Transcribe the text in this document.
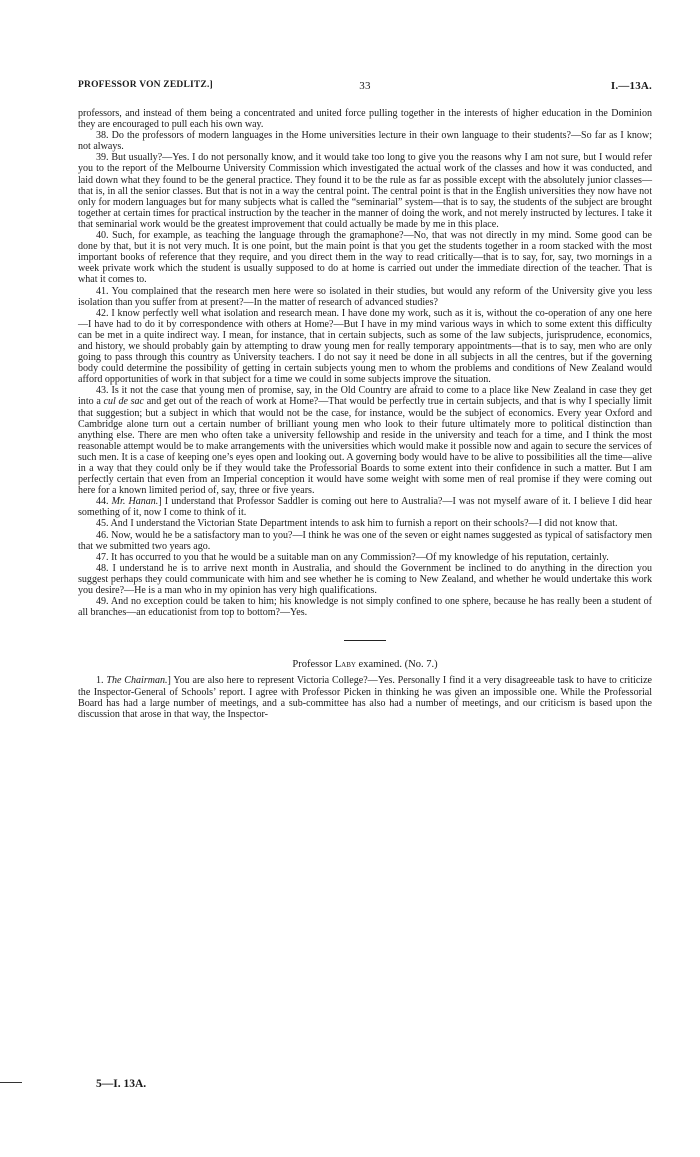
PROFESSOR VON ZEDLITZ.]	33	I.—13A.

professors, and instead of them being a concentrated and united force pulling together in the interests of higher education in the Dominion they are encouraged to pull each his own way.

38. Do the professors of modern languages in the Home universities lecture in their own language to their students?—So far as I know; not always.

39. But usually?—Yes. I do not personally know, and it would take too long to give you the reasons why I am not sure, but I would refer you to the report of the Melbourne University Commission which investigated the actual work of the classes and how it was conducted, and laid down what they found to be the general practice. They found it to be the rule as far as possible except with the absolutely junior classes—that is, in all the senior classes. But that is not in a way the central point. The central point is that in the English universities they now have not only for modern languages but for many subjects what is called the “seminarial” system—that is to say, the students of the subject are brought together at certain times for practical instruction by the teacher in the manner of doing the work, and not merely instructed by lectures. I take it that seminarial work would be the greatest improvement that could actually be made by me in this place.

40. Such, for example, as teaching the language through the gramaphone?—No, that was not directly in my mind. Some good can be done by that, but it is not very much. It is one point, but the main point is that you get the students together in a room stacked with the most important books of reference that they require, and you direct them in the way to read critically—that is to say, for, say, two mornings in a week private work which the student is usually supposed to do at home is carried out under the immediate direction of the teacher. That is what it comes to.

41. You complained that the research men here were so isolated in their studies, but would any reform of the University give you less isolation than you suffer from at present?—In the matter of research of advanced studies?

42. I know perfectly well what isolation and research mean. I have done my work, such as it is, without the co-operation of any one here—I have had to do it by correspondence with others at Home?—But I have in my mind various ways in which to some extent this difficulty can be met in a quite indirect way. I mean, for instance, that in certain subjects, such as some of the law subjects, jurisprudence, economics, and history, we should probably gain by attempting to draw young men for really temporary appointments—that is to say, men who are only going to pass through this country as University teachers. I do not say it need be done in all subjects in all the centres, but if the governing body could determine the possibility of getting in certain subjects young men to whom the problems and conditions of New Zealand would afford opportunities of work in that subject for a time we could in some subjects improve the situation.

43. Is it not the case that young men of promise, say, in the Old Country are afraid to come to a place like New Zealand in case they get into a cul de sac and get out of the reach of work at Home?—That would be perfectly true in certain subjects, and that is why I specially limit that suggestion; but a subject in which that would not be the case, for instance, would be the subject of economics. Every year Oxford and Cambridge alone turn out a certain number of brilliant young men who look to their future ultimately more to political distinction than anything else. There are men who often take a university fellowship and reside in the university and teach for a time, and I think the most reasonable attempt would be to make arrangements with the universities which would make it possible now and again to secure the services of such men. It is a case of keeping one’s eyes open and looking out. A governing body would have to be alive to possibilities all the time—alive in a way that they could only be if they would take the Professorial Boards to some extent into their confidence in such a matter. But I am perfectly certain that even from an Imperial conception it would have some weight with some men of real promise if they were coming out here for a known limited period of, say, three or five years.

44. Mr. Hanan.] I understand that Professor Saddler is coming out here to Australia?—I was not myself aware of it. I believe I did hear something of it, now I come to think of it.

45. And I understand the Victorian State Department intends to ask him to furnish a report on their schools?—I did not know that.

46. Now, would he be a satisfactory man to you?—I think he was one of the seven or eight names suggested as typical of satisfactory men that we submitted two years ago.

47. It has occurred to you that he would be a suitable man on any Commission?—Of my knowledge of his reputation, certainly.

48. I understand he is to arrive next month in Australia, and should the Government be inclined to do anything in the direction you suggest perhaps they could communicate with him and see whether he is coming to New Zealand, and whether he would undertake this work you desire?—He is a man who in my opinion has very high qualifications.

49. And no exception could be taken to him; his knowledge is not simply confined to one sphere, because he has really been a student of all branches—an educationist from top to bottom?—Yes.

Professor Laby examined. (No. 7.)

1. The Chairman.] You are also here to represent Victoria College?—Yes. Personally I find it a very disagreeable task to have to criticize the Inspector-General of Schools’ report. I agree with Professor Picken in thinking he was given an impossible one. While the Professorial Board has had a large number of meetings, and a sub-committee has also had a number of meetings, and our criticism is based upon the discussion that arose in that way, the Inspector-

5—I. 13A.
